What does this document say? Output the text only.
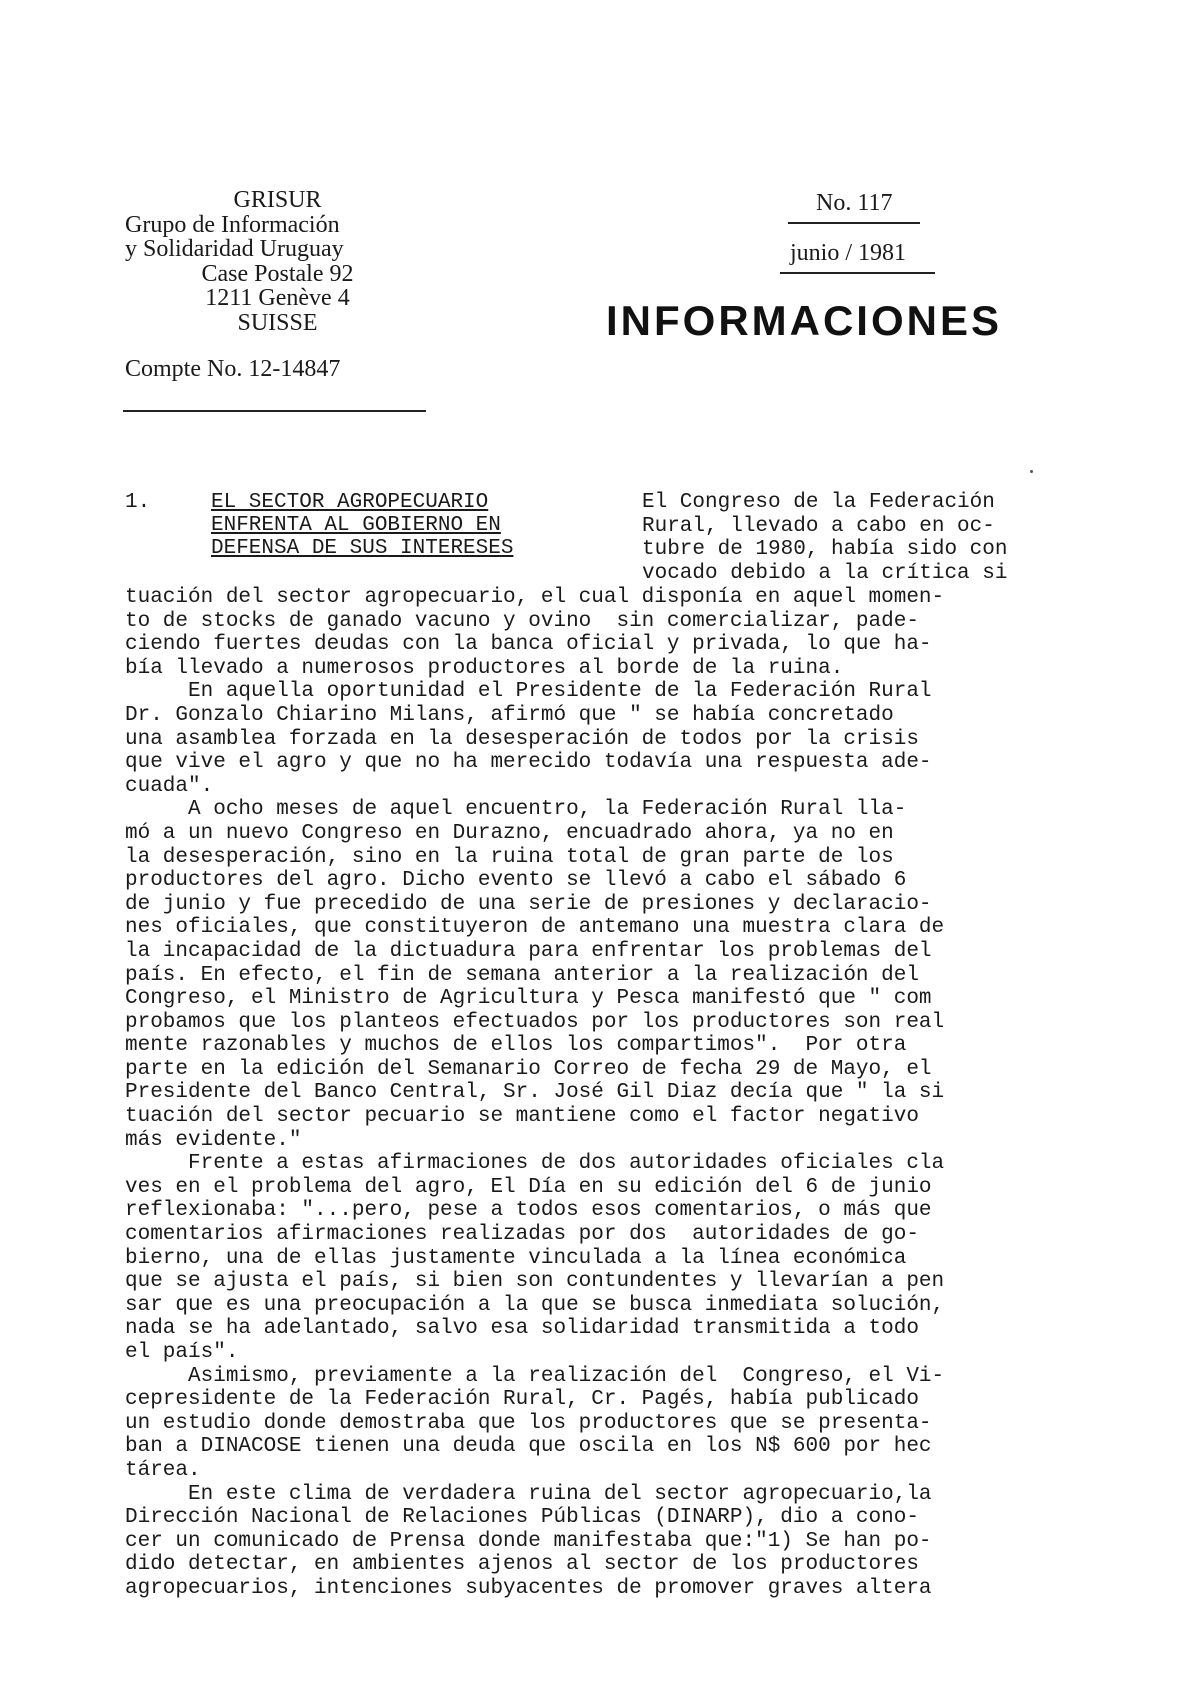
GRISUR
Grupo de Información
y Solidaridad Uruguay
Case Postale 92
1211 Genève 4
SUISSE
Compte No. 12-14847
No. 117
junio / 1981
INFORMACIONES
1.	EL SECTOR AGROPECUARIO
ENFRENTA AL GOBIERNO EN
DEFENSA DE SUS INTERESES
El Congreso de la Federación
Rural, llevado a cabo en oc-
tubre de 1980, había sido con
vocado debido a la crítica si
tuación del sector agropecuario, el cual disponía en aquel momen-
to de stocks de ganado vacuno y ovino  sin comercializar, pade-
ciendo fuertes deudas con la banca oficial y privada, lo que ha-
bía llevado a numerosos productores al borde de la ruina.
En aquella oportunidad el Presidente de la Federación Rural
Dr. Gonzalo Chiarino Milans, afirmó que " se había concretado
una asamblea forzada en la desesperación de todos por la crisis
que vive el agro y que no ha merecido todavía una respuesta ade-
cuada".
A ocho meses de aquel encuentro, la Federación Rural lla-
mó a un nuevo Congreso en Durazno, encuadrado ahora, ya no en
la desesperación, sino en la ruina total de gran parte de los
productores del agro. Dicho evento se llevó a cabo el sábado 6
de junio y fue precedido de una serie de presiones y declaracio-
nes oficiales, que constituyeron de antemano una muestra clara de
la incapacidad de la dictuadura para enfrentar los problemas del
país. En efecto, el fin de semana anterior a la realización del
Congreso, el Ministro de Agricultura y Pesca manifestó que " com
probamos que los planteos efectuados por los productores son real
mente razonables y muchos de ellos los compartimos".  Por otra
parte en la edición del Semanario Correo de fecha 29 de Mayo, el
Presidente del Banco Central, Sr. José Gil Diaz decía que " la si
tuación del sector pecuario se mantiene como el factor negativo
más evidente."
Frente a estas afirmaciones de dos autoridades oficiales cla
ves en el problema del agro, El Día en su edición del 6 de junio
reflexionaba: "...pero, pese a todos esos comentarios, o más que
comentarios afirmaciones realizadas por dos  autoridades de go-
bierno, una de ellas justamente vinculada a la línea económica
que se ajusta el país, si bien son contundentes y llevarían a pen
sar que es una preocupación a la que se busca inmediata solución,
nada se ha adelantado, salvo esa solidaridad transmitida a todo
el país".
Asimismo, previamente a la realización del  Congreso, el Vi-
cepresidente de la Federación Rural, Cr. Pagés, había publicado
un estudio donde demostraba que los productores que se presenta-
ban a DINACOSE tienen una deuda que oscila en los N$ 600 por hec
tárea.
En este clima de verdadera ruina del sector agropecuario,la
Dirección Nacional de Relaciones Públicas (DINARP), dio a cono-
cer un comunicado de Prensa donde manifestaba que:"1) Se han po-
dido detectar, en ambientes ajenos al sector de los productores
agropecuarios, intenciones subyacentes de promover graves altera
